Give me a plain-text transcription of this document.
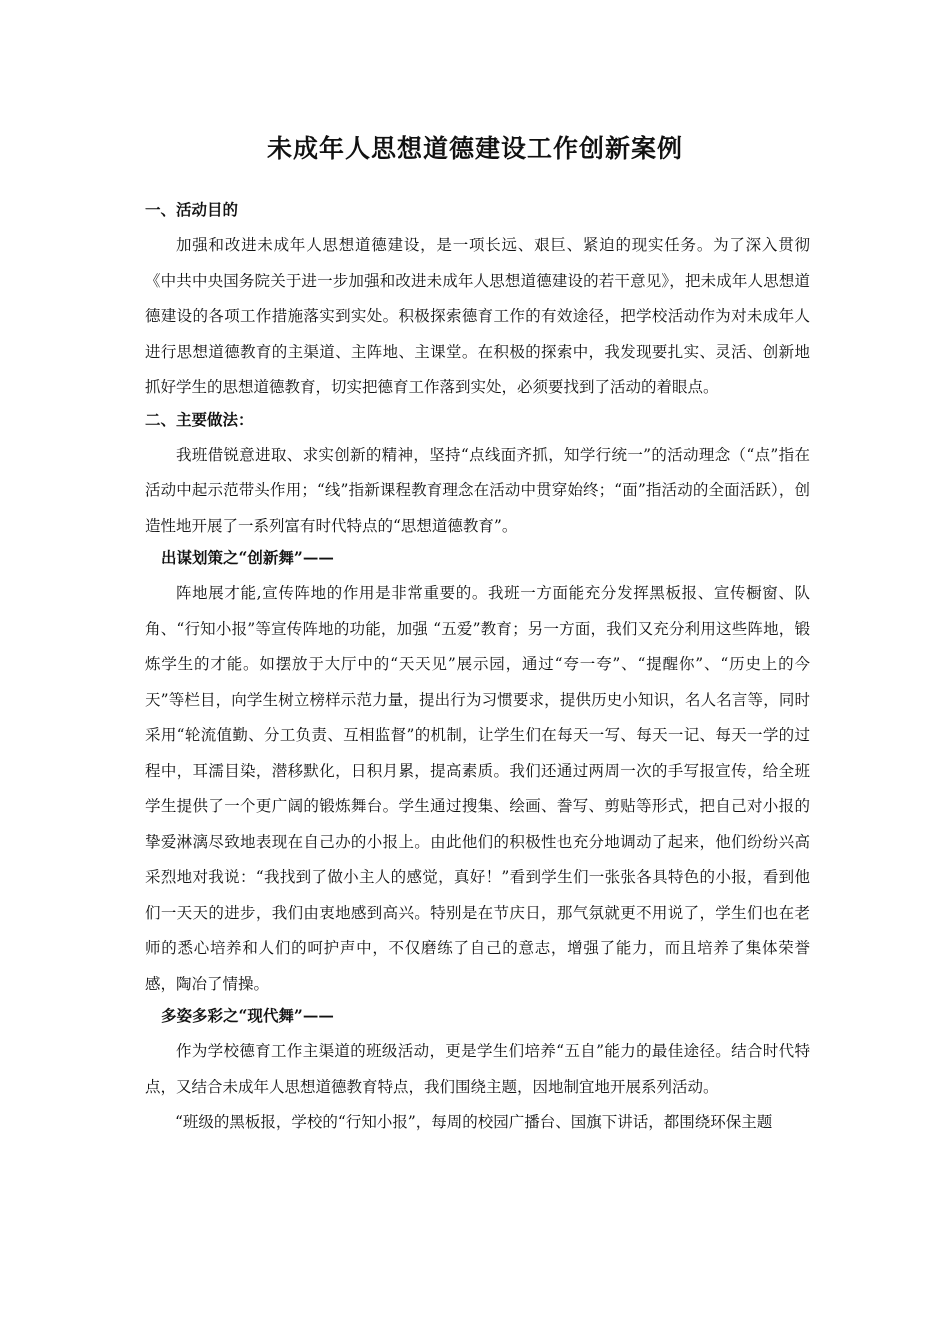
未成年人思想道德建设工作创新案例

一、活动目的

加强和改进未成年人思想道德建设，是一项长远、艰巨、紧迫的现实任务。为了深入贯彻《中共中央国务院关于进一步加强和改进未成年人思想道德建设的若干意见》，把未成年人思想道德建设的各项工作措施落实到实处。积极探索德育工作的有效途径，把学校活动作为对未成年人进行思想道德教育的主渠道、主阵地、主课堂。在积极的探索中，我发现要扎实、灵活、创新地抓好学生的思想道德教育，切实把德育工作落到实处，必须要找到了活动的着眼点。

二、主要做法：

我班借锐意进取、求实创新的精神，坚持“点线面齐抓，知学行统一”的活动理念（“点”指在活动中起示范带头作用；“线”指新课程教育理念在活动中贯穿始终；“面”指活动的全面活跃），创造性地开展了一系列富有时代特点的“思想道德教育”。

出谋划策之“创新舞”——

阵地展才能,宣传阵地的作用是非常重要的。我班一方面能充分发挥黑板报、宣传橱窗、队角、“行知小报”等宣传阵地的功能，加强 “五爱”教育；另一方面，我们又充分利用这些阵地，锻炼学生的才能。如摆放于大厅中的“天天见”展示园，通过“夸一夸”、“提醒你”、“历史上的今天”等栏目，向学生树立榜样示范力量，提出行为习惯要求，提供历史小知识，名人名言等，同时采用“轮流值勤、分工负责、互相监督”的机制，让学生们在每天一写、每天一记、每天一学的过程中，耳濡目染，潜移默化，日积月累，提高素质。我们还通过两周一次的手写报宣传，给全班学生提供了一个更广阔的锻炼舞台。学生通过搜集、绘画、誊写、剪贴等形式，把自己对小报的挚爱淋漓尽致地表现在自己办的小报上。由此他们的积极性也充分地调动了起来，他们纷纷兴高采烈地对我说：“我找到了做小主人的感觉，真好！”看到学生们一张张各具特色的小报，看到他们一天天的进步，我们由衷地感到高兴。特别是在节庆日，那气氛就更不用说了，学生们也在老师的悉心培养和人们的呵护声中，不仅磨练了自己的意志，增强了能力，而且培养了集体荣誉感，陶冶了情操。

多姿多彩之“现代舞”——

作为学校德育工作主渠道的班级活动，更是学生们培养“五自”能力的最佳途径。结合时代特点，又结合未成年人思想道德教育特点，我们围绕主题，因地制宜地开展系列活动。

“班级的黑板报，学校的“行知小报”，每周的校园广播台、国旗下讲话，都围绕环保主题
